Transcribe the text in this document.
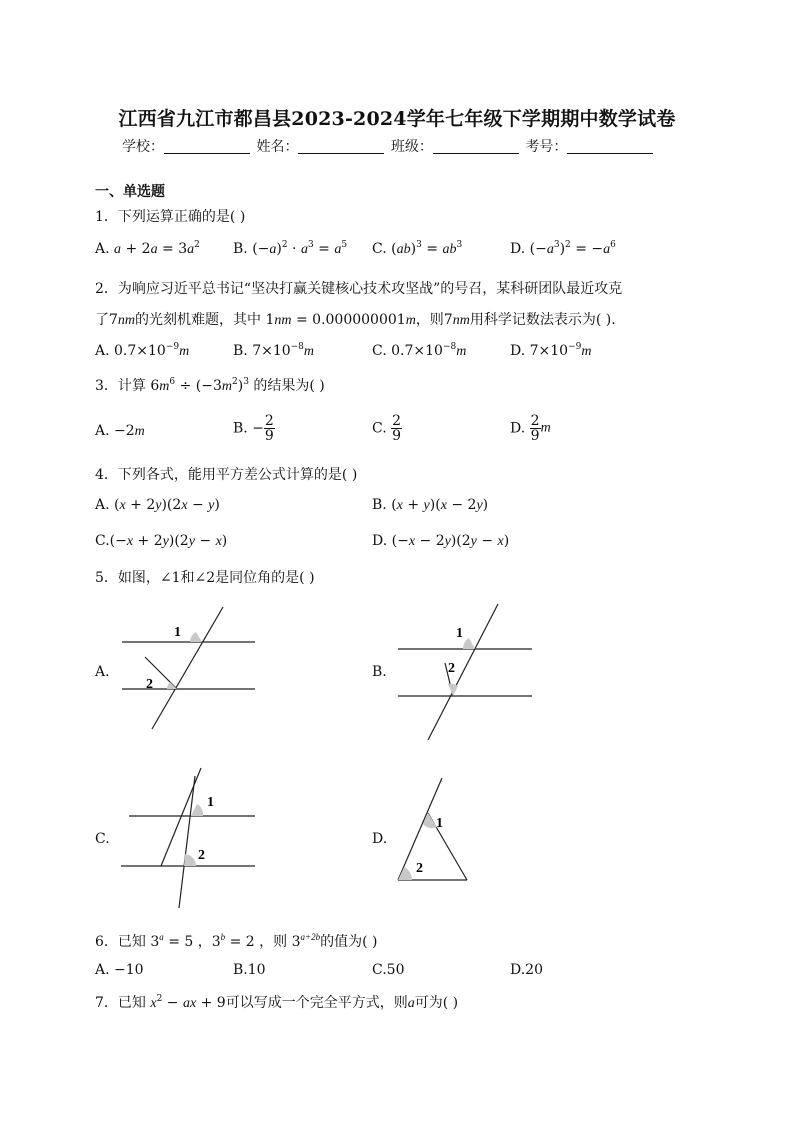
江西省九江市都昌县2023-2024学年七年级下学期期中数学试卷
学校：	姓名：	班级：	考号：
一、单选题
1．下列运算正确的是( )
A. $a + 2a = 3a^2$ B. $(-a)^2 \cdot a^3 = a^5$ C. $(ab)^3 = ab^3$	D. $(-a^3)^2 = -a^6$
2．为响应习近平总书记“坚决打赢关键核心技术攻坚战”的号召，某科研团队最近攻克
了7nm的光刻机难题，其中 1nm = 0.000000001m，则7nm用科学记数法表示为( ).
A. $0.7\times 10^{-9}m$	B. $7\times 10^{-8}m$	C. $0.7\times 10^{-8}m$	D. $7\times 10^{-9}m$
3．计算 $6m^6 \div (-3m^2)^3$ 的结果为( )
A. −2m	B. − $\frac{2}{9}$	C. $\frac{2}{9}$	D. $\frac{2}{9}$ m
4．下列各式，能用平方差公式计算的是( )
A. (x + 2y)(2x − y)	B. (x + y)(x − 2y)
C.(−x + 2y)(2y − x)	D. (−x − 2y)(2y − x)
5．如图，∠1和∠2是同位角的是( )
A.
1
2
B.
1
2
C.
1
2
D.
1
2
6．已知 $3^a = 5$ ，$3^b = 2$ ，则 $3^{a+2b}$的值为( )
A. −10	B.10	C.50	D.20
7．已知 $x^2$ − ax + 9可以写成一个完全平方式，则a可为( )
